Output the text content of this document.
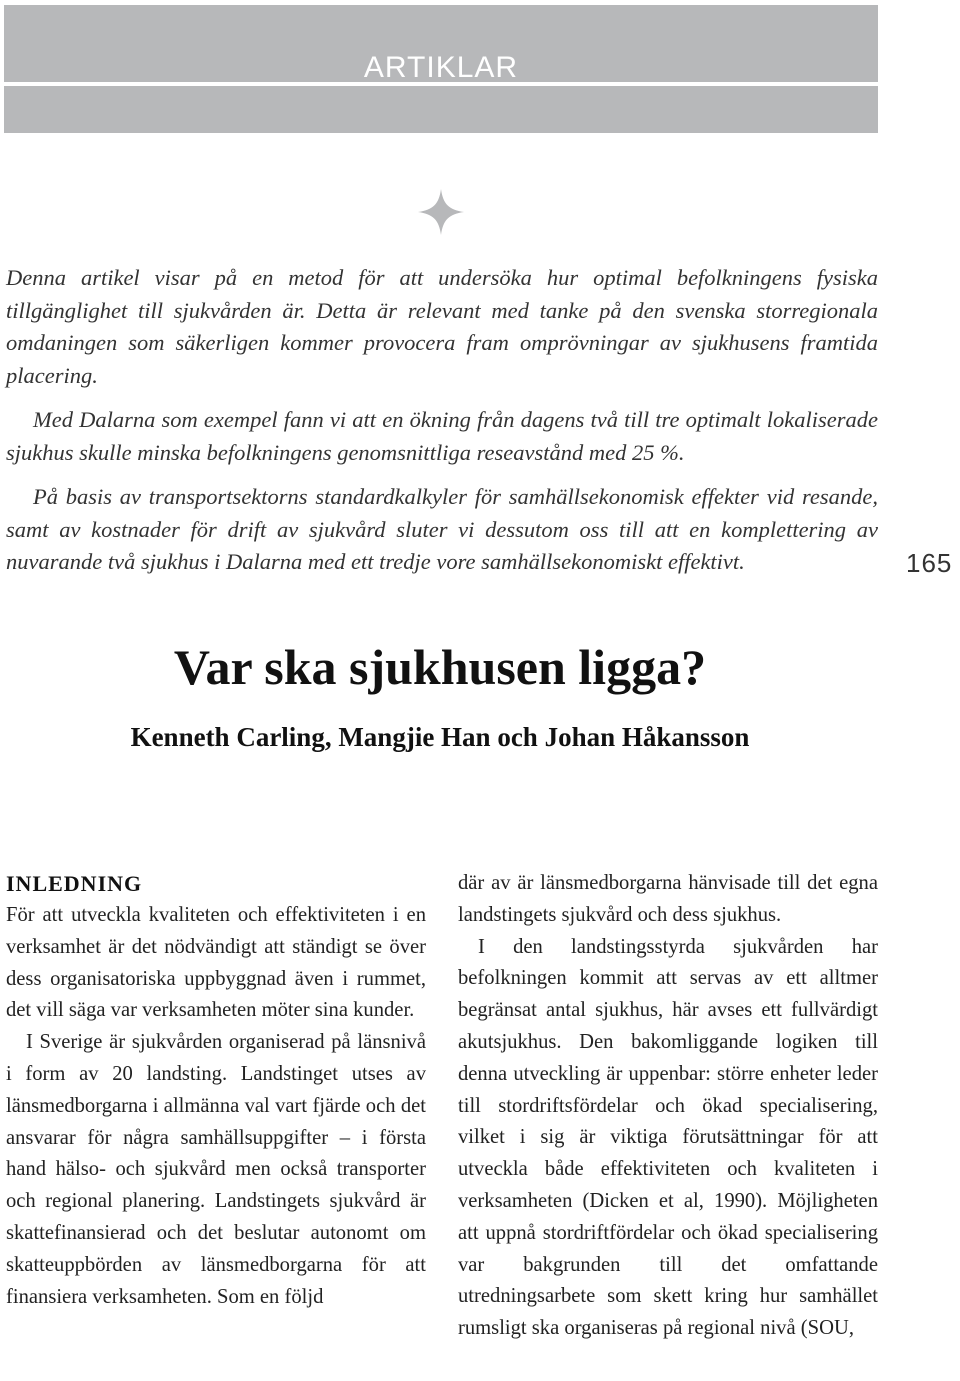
ARTIKLAR

Denna artikel visar på en metod för att undersöka hur optimal befolkningens fysiska tillgänglighet till sjukvården är. Detta är relevant med tanke på den svenska storregionala omdaningen som säkerligen kommer provocera fram omprövningar av sjukhusens framtida placering.

Med Dalarna som exempel fann vi att en ökning från dagens två till tre optimalt lokaliserade sjukhus skulle minska befolkningens genomsnittliga reseavstånd med 25 %.

På basis av transportsektorns standardkalkyler för samhällsekonomisk effekter vid resande, samt av kostnader för drift av sjukvård sluter vi dessutom oss till att en komplettering av nuvarande två sjukhus i Dalarna med ett tredje vore samhällsekonomiskt effektivt.	165
Var ska sjukhusen ligga?
Kenneth Carling, Mangjie Han och Johan Håkansson
INLEDNING

För att utveckla kvaliteten och effektiviteten i en verksamhet är det nödvändigt att ständigt se över dess organisatoriska uppbyggnad även i rummet, det vill säga var verksamheten möter sina kunder.

I Sverige är sjukvården organiserad på länsnivå i form av 20 landsting. Landstinget utses av länsmedborgarna i allmänna val vart fjärde och det ansvarar för några samhällsuppgifter – i första hand hälso- och sjukvård men också transporter och regional planering. Landstingets sjukvård är skattefinansierad och det beslutar autonomt om skatteuppbörden av länsmedborgarna för att finansiera verksamheten. Som en följd

där av är länsmedborgarna hänvisade till det egna landstingets sjukvård och dess sjukhus.

I den landstingsstyrda sjukvården har befolkningen kommit att servas av ett alltmer begränsat antal sjukhus, här avses ett fullvärdigt akutsjukhus. Den bakomliggande logiken till denna utveckling är uppenbar: större enheter leder till stordriftsfördelar och ökad specialisering, vilket i sig är viktiga förutsättningar för att utveckla både effektiviteten och kvaliteten i verksamheten (Dicken et al, 1990). Möjligheten att uppnå stordriftfördelar och ökad specialisering var bakgrunden till det omfattande utredningsarbete som skett kring hur samhället rumsligt ska organiseras på regional nivå (SOU,
